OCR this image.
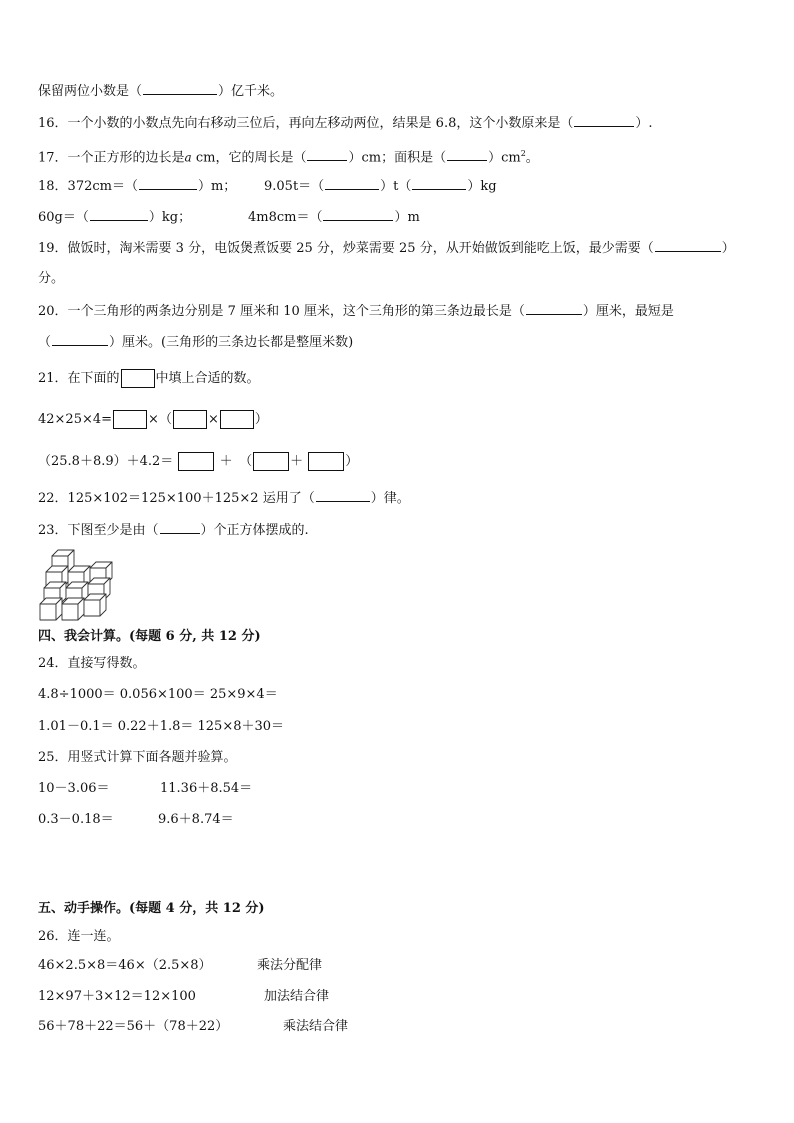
保留两位小数是（	）亿千米。
16．一个小数的小数点先向右移动三位后，再向左移动两位，结果是 6.8，这个小数原来是（	）.
17．一个正方形的边长是a cm，它的周长是（	）cm；面积是（	）$cm^2$。
18．372cm＝（	）m； 9.05t＝（	）t（	）kg
60g＝（	）kg；	4m8cm＝（	）m
19．做饭时，淘米需要 3 分，电饭煲煮饭要 25 分，炒菜需要 25 分，从开始做饭到能吃上饭，最少需要（	）
分。
20．一个三角形的两条边分别是 7 厘米和 10 厘米，这个三角形的第三条边最长是（	）厘米，最短是
（	）厘米。(三角形的三条边长都是整厘米数)
21．在下面的	中填上合适的数。
42×25×4=	×（	×	）
（25.8＋8.9）＋4.2＝	＋　（	＋	）
22．125×102＝125×100＋125×2 运用了（	）律。
23．下图至少是由（	）个正方体摆成的.
四、我会计算。(每题 6 分, 共 12 分)
24．直接写得数。
4.8÷1000＝ 0.056×100＝ 25×9×4＝
1.01－0.1＝ 0.22＋1.8＝ 125×8＋30＝
25．用竖式计算下面各题并验算。
10－3.06＝	11.36＋8.54＝
0.3－0.18＝	9.6＋8.74＝
五、动手操作。(每题 4 分，共 12 分)
26．连一连。
46×2.5×8＝46×（2.5×8）	乘法分配律
12×97＋3×12＝12×100	加法结合律
56＋78＋22＝56＋（78＋22）	乘法结合律
